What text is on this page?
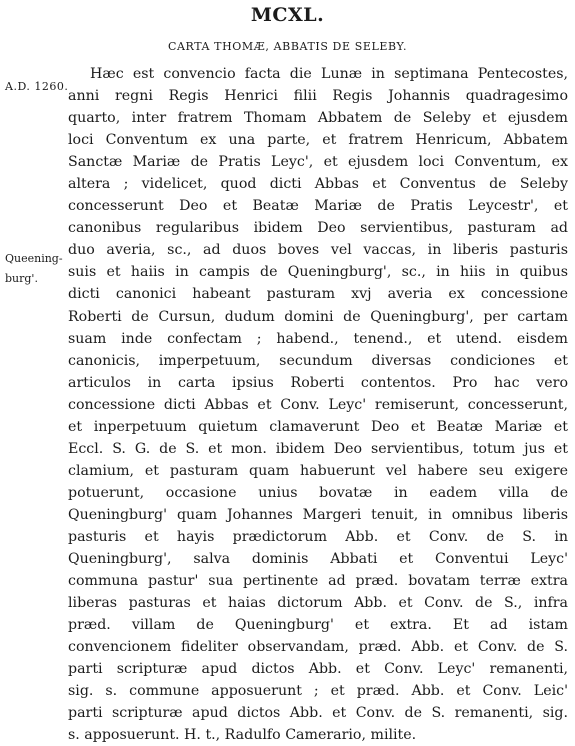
MCXL.
CARTA THOMÆ, ABBATIS DE SELEBY.
A.D. 1260.
Queening-
burg'.
Hæc est convencio facta die Lunæ in septimana Pentecostes,
anni regni Regis Henrici filii Regis Johannis quadragesimo
quarto, inter fratrem Thomam Abbatem de Seleby et ejusdem
loci Conventum ex una parte, et fratrem Henricum, Abbatem
Sanctæ Mariæ de Pratis Leyc', et ejusdem loci Conventum, ex
altera ; videlicet, quod dicti Abbas et Conventus de Seleby
concesserunt Deo et Beatæ Mariæ de Pratis Leycestr', et
canonibus regularibus ibidem Deo servientibus, pasturam ad
duo averia, sc., ad duos boves vel vaccas, in liberis pasturis
suis et haiis in campis de Queningburg', sc., in hiis in quibus
dicti canonici habeant pasturam xvj averia ex concessione
Roberti de Cursun, dudum domini de Queningburg', per cartam
suam inde confectam ; habend., tenend., et utend. eisdem
canonicis, imperpetuum, secundum diversas condiciones et
articulos in carta ipsius Roberti contentos. Pro hac vero
concessione dicti Abbas et Conv. Leyc' remiserunt, concesserunt,
et inperpetuum quietum clamaverunt Deo et Beatæ Mariæ et
Eccl. S. G. de S. et mon. ibidem Deo servientibus, totum jus et
clamium, et pasturam quam habuerunt vel habere seu exigere
potuerunt, occasione unius bovatæ in eadem villa de
Queningburg' quam Johannes Margeri tenuit, in omnibus liberis
pasturis et hayis prædictorum Abb. et Conv. de S. in
Queningburg', salva dominis Abbati et Conventui Leyc'
communa pastur' sua pertinente ad præd. bovatam terræ extra
liberas pasturas et haias dictorum Abb. et Conv. de S., infra
præd. villam de Queningburg' et extra. Et ad istam
convencionem fideliter observandam, præd. Abb. et Conv. de S.
parti scripturæ apud dictos Abb. et Conv. Leyc' remanenti,
sig. s. commune apposuerunt ; et præd. Abb. et Conv. Leic'
parti scripturæ apud dictos Abb. et Conv. de S. remanenti, sig.
s. apposuerunt. H. t., Radulfo Camerario, milite.
